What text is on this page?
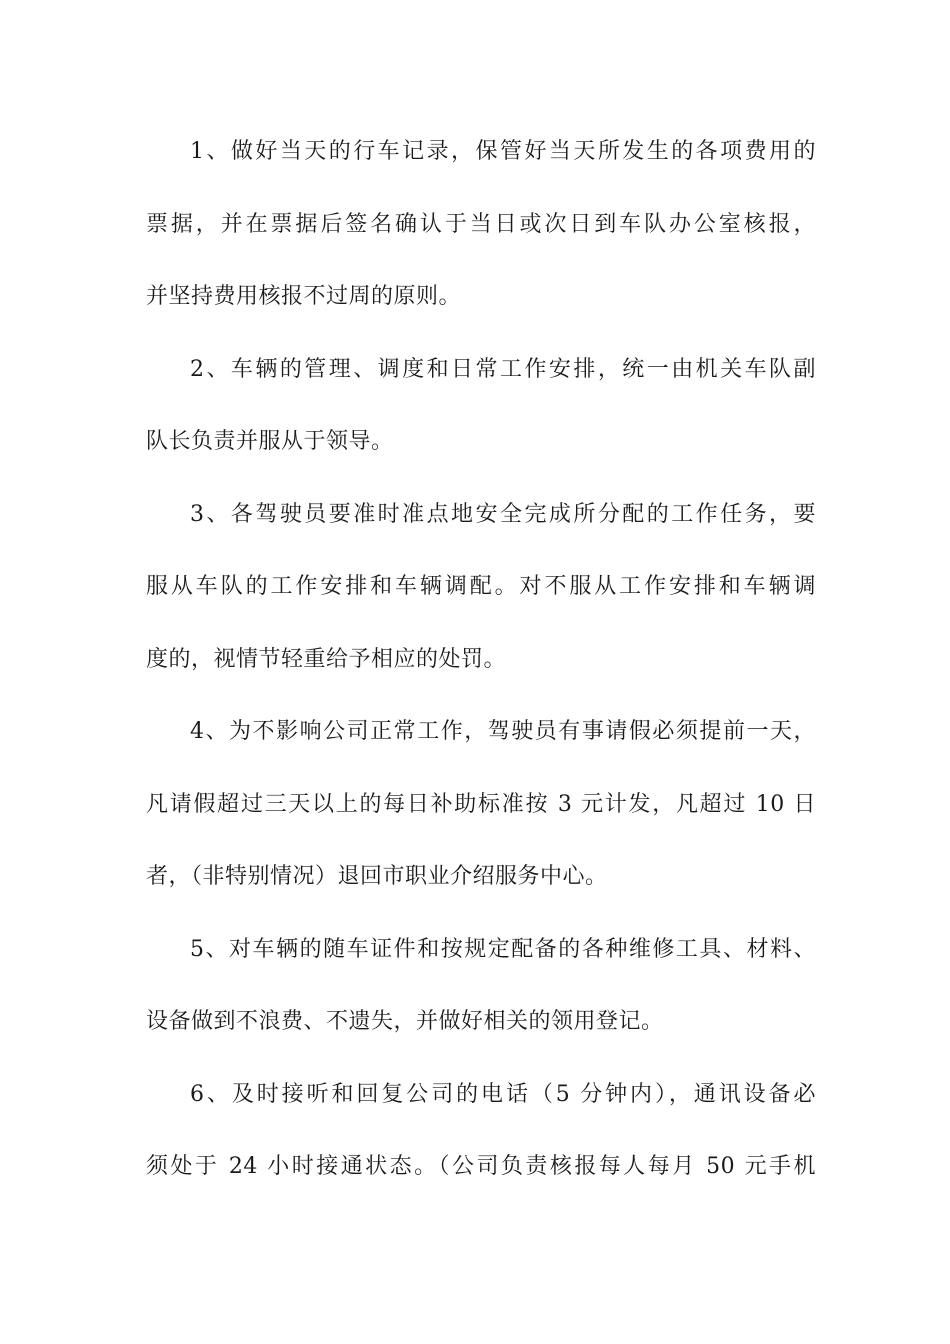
1、做好当天的行车记录，保管好当天所发生的各项费用的
票据，并在票据后签名确认于当日或次日到车队办公室核报，
并坚持费用核报不过周的原则。
2、车辆的管理、调度和日常工作安排，统一由机关车队副
队长负责并服从于领导。
3、各驾驶员要准时准点地安全完成所分配的工作任务，要
服从车队的工作安排和车辆调配。对不服从工作安排和车辆调
度的，视情节轻重给予相应的处罚。
4、为不影响公司正常工作，驾驶员有事请假必须提前一天，
凡请假超过三天以上的每日补助标准按 3 元计发，凡超过 10 日
者，（非特别情况）退回市职业介绍服务中心。
5、对车辆的随车证件和按规定配备的各种维修工具、材料、
设备做到不浪费、不遗失，并做好相关的领用登记。
6、及时接听和回复公司的电话（5 分钟内），通讯设备必
须处于 24 小时接通状态。（公司负责核报每人每月 50 元手机
